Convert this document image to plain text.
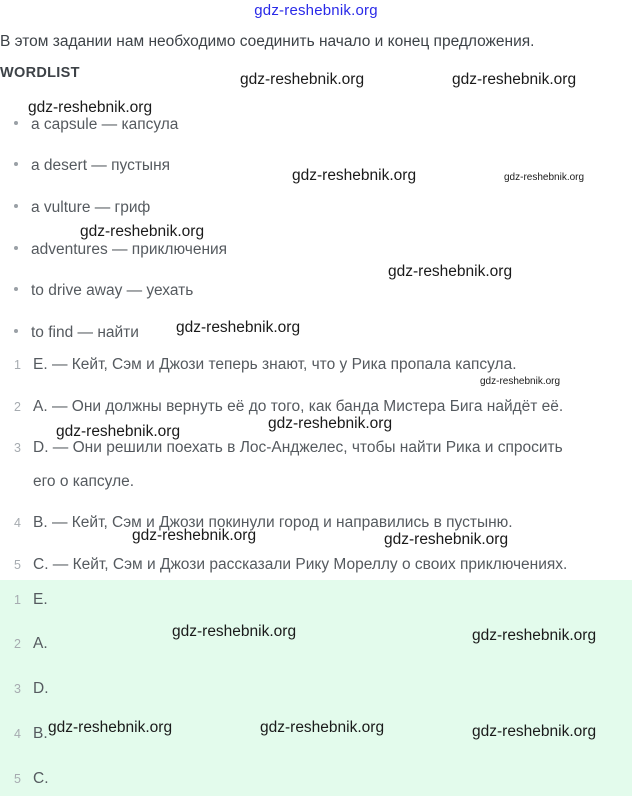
gdz-reshebnik.org
В этом задании нам необходимо соединить начало и конец предложения.
WORDLIST
a capsule — капсула
a desert — пустыня
a vulture — гриф
adventures — приключения
to drive away — уехать
to find — найти
1 E. — Кейт, Сэм и Джози теперь знают, что у Рика пропала капсула.
2 A. — Они должны вернуть её до того, как банда Мистера Бига найдёт её.
3 D. — Они решили поехать в Лос-Анджелес, чтобы найти Рика и спросить
его о капсуле.
4 B. — Кейт, Сэм и Джози покинули город и направились в пустыню.
5 C. — Кейт, Сэм и Джози рассказали Рику Мореллу о своих приключениях.
1 E.
2 A.
3 D.
4 B.
5 C.
gdz-reshebnik.org	gdz-reshebnik.org
gdz-reshebnik.org
gdz-reshebnik.org	gdz-reshebnik.org
gdz-reshebnik.org
gdz-reshebnik.org
gdz-reshebnik.org
gdz-reshebnik.org
gdz-reshebnik.org
gdz-reshebnik.org
gdz-reshebnik.org	gdz-reshebnik.org
gdz-reshebnik.org	gdz-reshebnik.org
gdz-reshebnik.org	gdz-reshebnik.org	gdz-reshebnik.org
